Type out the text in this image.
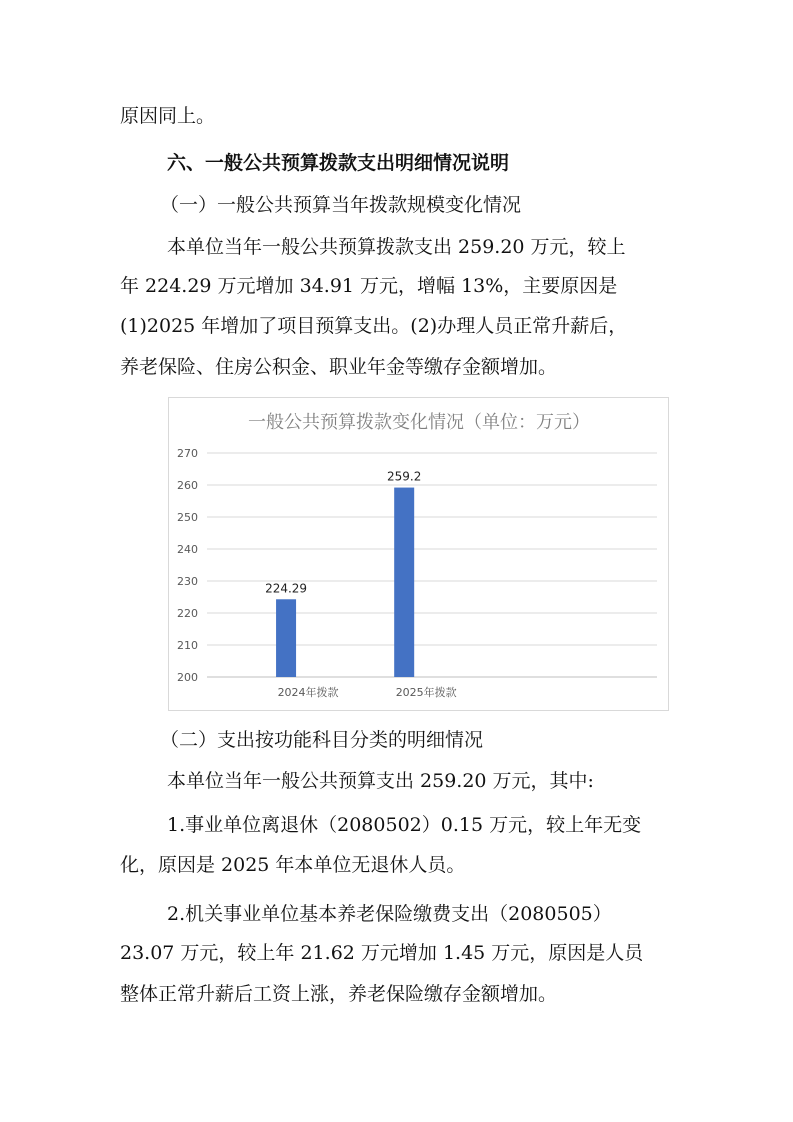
原因同上。
六、一般公共预算拨款支出明细情况说明
（一）一般公共预算当年拨款规模变化情况
本单位当年一般公共预算拨款支出 259.20 万元，较上
年 224.29 万元增加 34.91 万元，增幅 13%，主要原因是
(1)2025 年增加了项目预算支出。(2)办理人员正常升薪后，
养老保险、住房公积金、职业年金等缴存金额增加。
一般公共预算拨款变化情况（单位：万元）
200
210
220
230
240
250
260
270
224.29
2024年拨款
259.2
2025年拨款
（二）支出按功能科目分类的明细情况
本单位当年一般公共预算支出 259.20 万元，其中:
1.事业单位离退休（2080502）0.15 万元，较上年无变
化，原因是 2025 年本单位无退休人员。
2.机关事业单位基本养老保险缴费支出（2080505）
23.07 万元，较上年 21.62 万元增加 1.45 万元，原因是人员
整体正常升薪后工资上涨，养老保险缴存金额增加。
